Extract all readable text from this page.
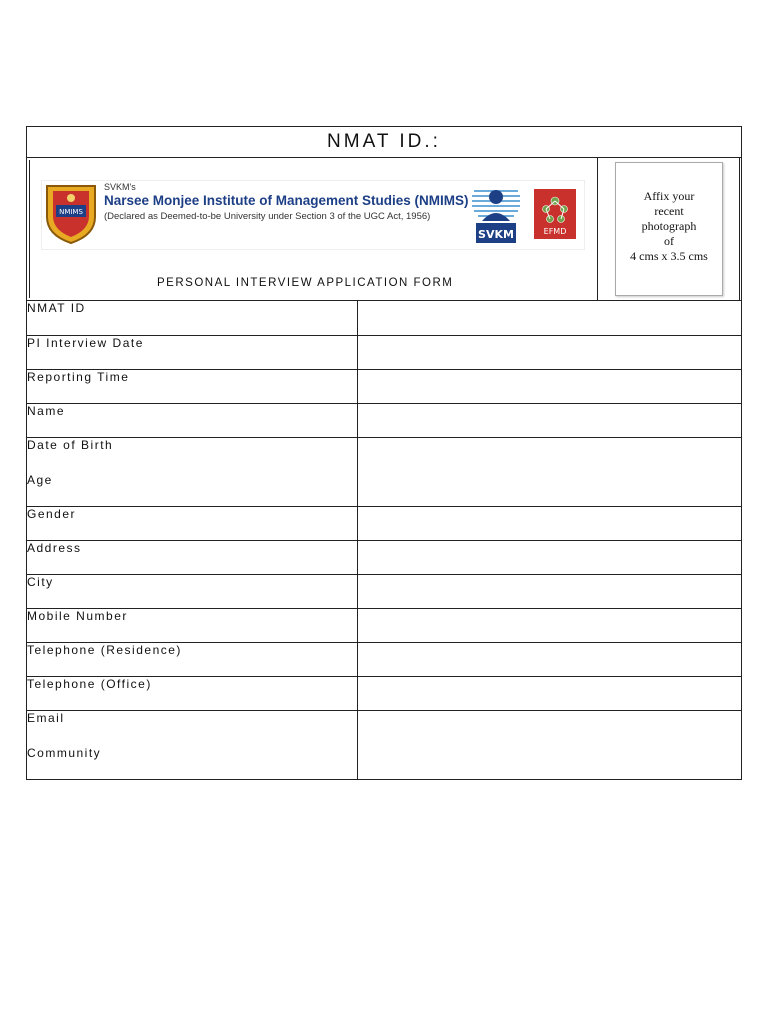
NMAT ID.:
NMIMS
SVKM's
Narsee Monjee Institute of Management Studies (NMIMS)
(Declared as Deemed-to-be University under Section 3 of the UGC Act, 1956)
SVKM	EFMD
PERSONAL INTERVIEW APPLICATION FORM
Affix your
recent
photograph
of
4 cms x 3.5 cms
NMAT ID	
PI Interview Date	
Reporting Time	
Name	
Date of Birth
Age	

Gender	
Address	
City	
Mobile Number	
Telephone (Residence)	
Telephone (Office)	
Email
Community	
